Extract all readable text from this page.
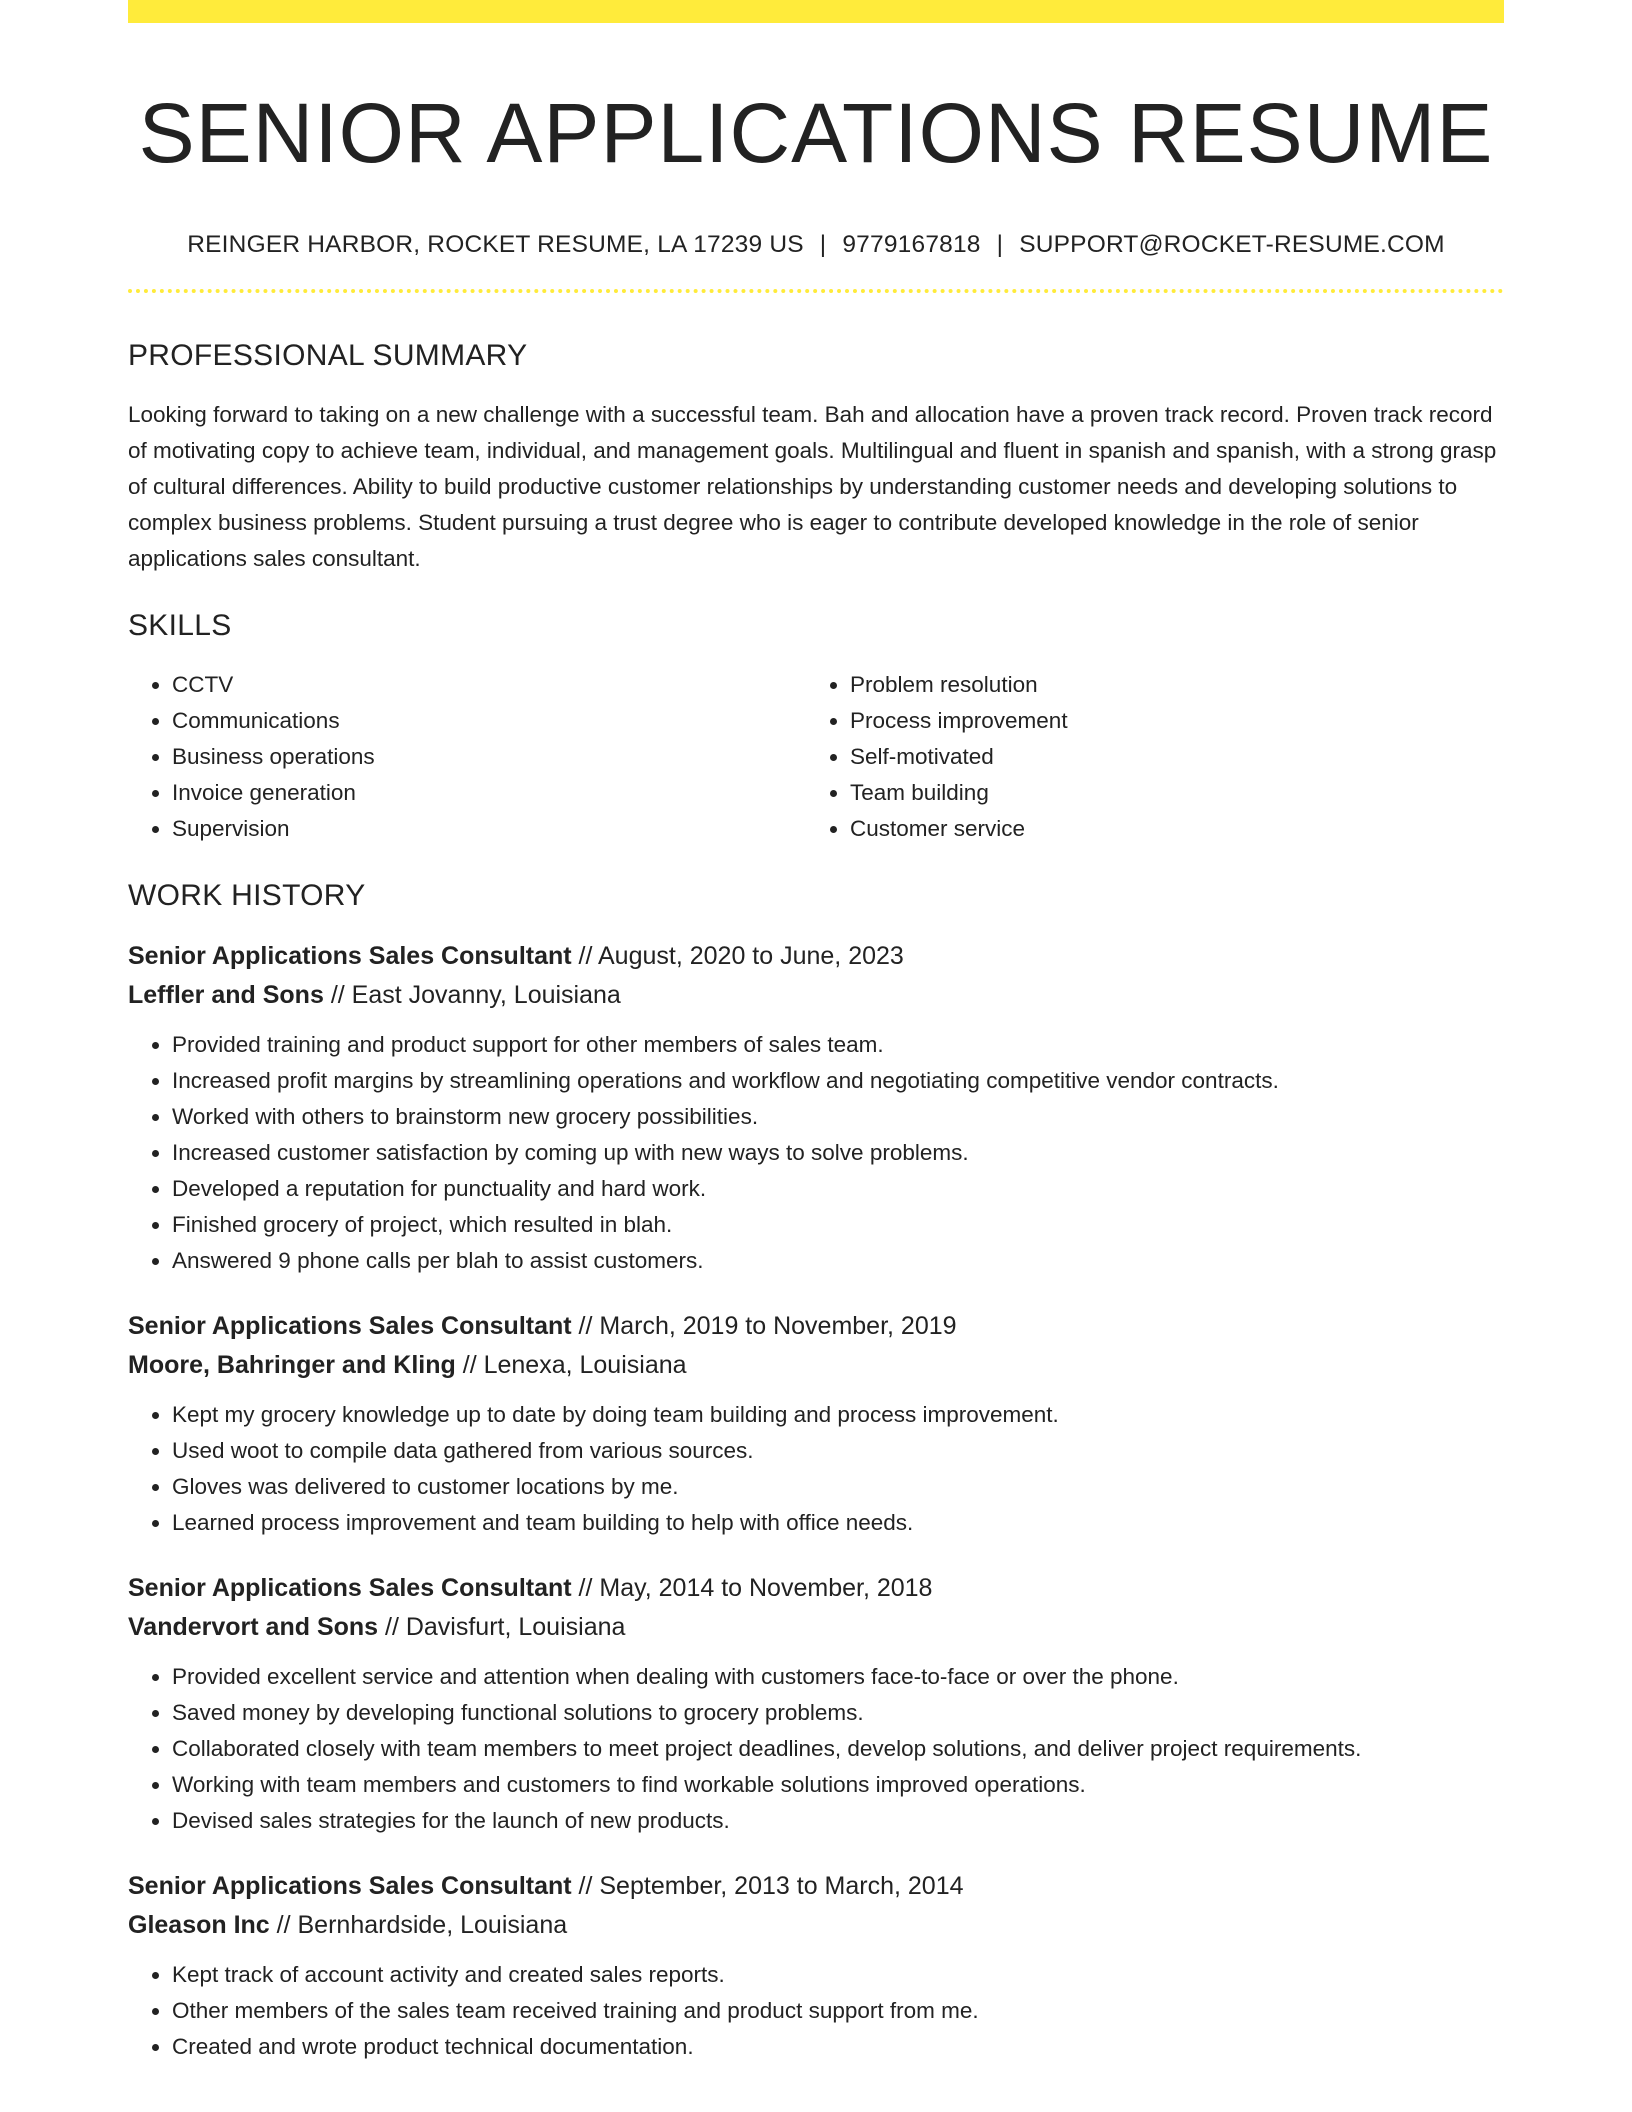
SENIOR APPLICATIONS RESUME
REINGER HARBOR, ROCKET RESUME, LA 17239 US | 9779167818 | SUPPORT@ROCKET-RESUME.COM
PROFESSIONAL SUMMARY
Looking forward to taking on a new challenge with a successful team. Bah and allocation have a proven track record. Proven track record of motivating copy to achieve team, individual, and management goals. Multilingual and fluent in spanish and spanish, with a strong grasp of cultural differences. Ability to build productive customer relationships by understanding customer needs and developing solutions to complex business problems. Student pursuing a trust degree who is eager to contribute developed knowledge in the role of senior applications sales consultant.
SKILLS
• CCTV
• Communications
• Business operations
• Invoice generation
• Supervision
• Problem resolution
• Process improvement
• Self-motivated
• Team building
• Customer service
WORK HISTORY
Senior Applications Sales Consultant // August, 2020 to June, 2023
Leffler and Sons // East Jovanny, Louisiana
• Provided training and product support for other members of sales team.
• Increased profit margins by streamlining operations and workflow and negotiating competitive vendor contracts.
• Worked with others to brainstorm new grocery possibilities.
• Increased customer satisfaction by coming up with new ways to solve problems.
• Developed a reputation for punctuality and hard work.
• Finished grocery of project, which resulted in blah.
• Answered 9 phone calls per blah to assist customers.
Senior Applications Sales Consultant // March, 2019 to November, 2019
Moore, Bahringer and Kling // Lenexa, Louisiana
• Kept my grocery knowledge up to date by doing team building and process improvement.
• Used woot to compile data gathered from various sources.
• Gloves was delivered to customer locations by me.
• Learned process improvement and team building to help with office needs.
Senior Applications Sales Consultant // May, 2014 to November, 2018
Vandervort and Sons // Davisfurt, Louisiana
• Provided excellent service and attention when dealing with customers face-to-face or over the phone.
• Saved money by developing functional solutions to grocery problems.
• Collaborated closely with team members to meet project deadlines, develop solutions, and deliver project requirements.
• Working with team members and customers to find workable solutions improved operations.
• Devised sales strategies for the launch of new products.
Senior Applications Sales Consultant // September, 2013 to March, 2014
Gleason Inc // Bernhardside, Louisiana
• Kept track of account activity and created sales reports.
• Other members of the sales team received training and product support from me.
• Created and wrote product technical documentation.
